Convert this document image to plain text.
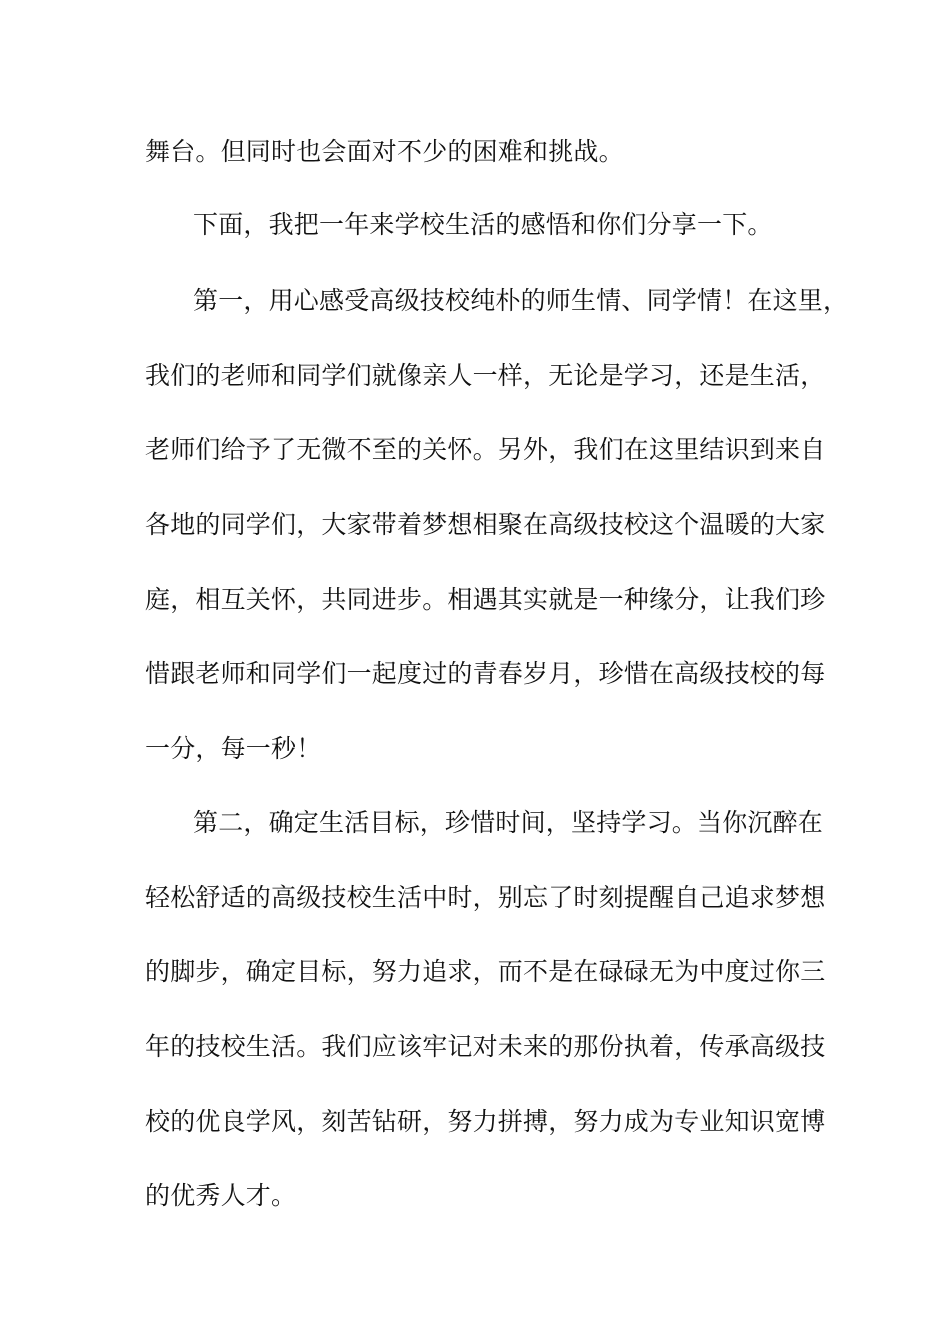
舞台。但同时也会面对不少的困难和挑战。
下面，我把一年来学校生活的感悟和你们分享一下。
第一，用心感受高级技校纯朴的师生情、同学情！在这里，
我们的老师和同学们就像亲人一样，无论是学习，还是生活，
老师们给予了无微不至的关怀。另外，我们在这里结识到来自
各地的同学们，大家带着梦想相聚在高级技校这个温暖的大家
庭，相互关怀，共同进步。相遇其实就是一种缘分，让我们珍
惜跟老师和同学们一起度过的青春岁月，珍惜在高级技校的每
一分，每一秒！
第二，确定生活目标，珍惜时间，坚持学习。当你沉醉在
轻松舒适的高级技校生活中时，别忘了时刻提醒自己追求梦想
的脚步，确定目标，努力追求，而不是在碌碌无为中度过你三
年的技校生活。我们应该牢记对未来的那份执着，传承高级技
校的优良学风，刻苦钻研，努力拼搏，努力成为专业知识宽博
的优秀人才。
